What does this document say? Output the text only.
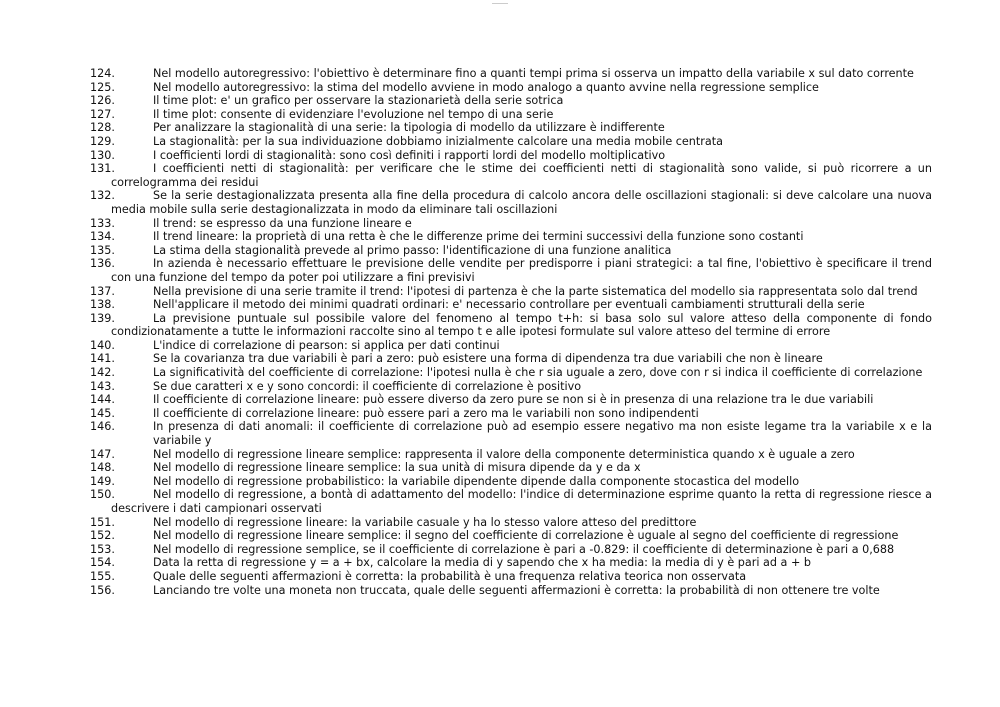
124.	Nel modello autoregressivo: l'obiettivo è determinare fino a quanti tempi prima si osserva un impatto della variabile x sul dato corrente
125.	Nel modello autoregressivo: la stima del modello avviene in modo analogo a quanto avvine nella regressione semplice
126.	Il time plot: e' un grafico per osservare la stazionarietà della serie sotrica
127.	Il time plot: consente di evidenziare l'evoluzione nel tempo di una serie
128.	Per analizzare la stagionalità di una serie: la tipologia di modello da utilizzare è indifferente
129.	La stagionalità: per la sua individuazione dobbiamo inizialmente calcolare una media mobile centrata
130.	I coefficienti lordi di stagionalità: sono così definiti i rapporti lordi del modello moltiplicativo
131.	I coefficienti netti di stagionalità: per verificare che le stime dei coefficienti netti di stagionalità sono valide, si può ricorrere a un correlogramma dei residui
132.	Se la serie destagionalizzata presenta alla fine della procedura di calcolo ancora delle oscillazioni stagionali: si deve calcolare una nuova media mobile sulla serie destagionalizzata in modo da eliminare tali oscillazioni
133.	Il trend: se espresso da una funzione lineare e
134.	Il trend lineare: la proprietà di una retta è che le differenze prime dei termini successivi della funzione sono costanti
135.	La stima della stagionalità prevede al primo passo: l'identificazione di una funzione analitica
136.	In azienda è necessario effettuare le previsione delle vendite per predisporre i piani strategici: a tal fine, l'obiettivo è specificare il trend con una funzione del tempo da poter poi utilizzare a fini previsivi
137.	Nella previsione di una serie tramite il trend: l'ipotesi di partenza è che la parte sistematica del modello sia rappresentata solo dal trend
138.	Nell'applicare il metodo dei minimi quadrati ordinari: e' necessario controllare per eventuali cambiamenti strutturali della serie
139.	La previsione puntuale sul possibile valore del fenomeno al tempo t+h: si basa solo sul valore atteso della componente di fondo condizionatamente a tutte le informazioni raccolte sino al tempo t e alle ipotesi formulate sul valore atteso del termine di errore
140.	L'indice di correlazione di pearson: si applica per dati continui
141.	Se la covarianza tra due variabili è pari a zero: può esistere una forma di dipendenza tra due variabili che non è lineare
142.	La significatività del coefficiente di correlazione: l'ipotesi nulla è che r sia uguale a zero, dove con r si indica il coefficiente di correlazione
143.	Se due caratteri x e y sono concordi: il coefficiente di correlazione è positivo
144.	Il coefficiente di correlazione lineare: può essere diverso da zero pure se non si è in presenza di una relazione tra le due variabili
145.	Il coefficiente di correlazione lineare: può essere pari a zero ma le variabili non sono indipendenti
146.	In presenza di dati anomali: il coefficiente di correlazione può ad esempio essere negativo ma non esiste legame tra la variabile x e la variabile y
147.	Nel modello di regressione lineare semplice: rappresenta il valore della componente deterministica quando x è uguale a zero
148.	Nel modello di regressione lineare semplice: la sua unità di misura dipende da y e da x
149.	Nel modello di regressione probabilistico: la variabile dipendente dipende dalla componente stocastica del modello
150.	Nel modello di regressione, a bontà di adattamento del modello: l'indice di determinazione esprime quanto la retta di regressione riesce a descrivere i dati campionari osservati
151.	Nel modello di regressione lineare: la variabile casuale y ha lo stesso valore atteso del predittore
152.	Nel modello di regressione lineare semplice: il segno del coefficiente di correlazione è uguale al segno del coefficiente di regressione
153.	Nel modello di regressione semplice, se il coefficiente di correlazione è pari a -0.829: il coefficiente di determinazione è pari a 0,688
154.	Data la retta di regressione y = a + bx, calcolare la media di y sapendo che x ha media: la media di y è pari ad a + b
155.	Quale delle seguenti affermazioni è corretta: la probabilità è una frequenza relativa teorica non osservata
156.	Lanciando tre volte una moneta non truccata, quale delle seguenti affermazioni è corretta: la probabilità di non ottenere tre volte
